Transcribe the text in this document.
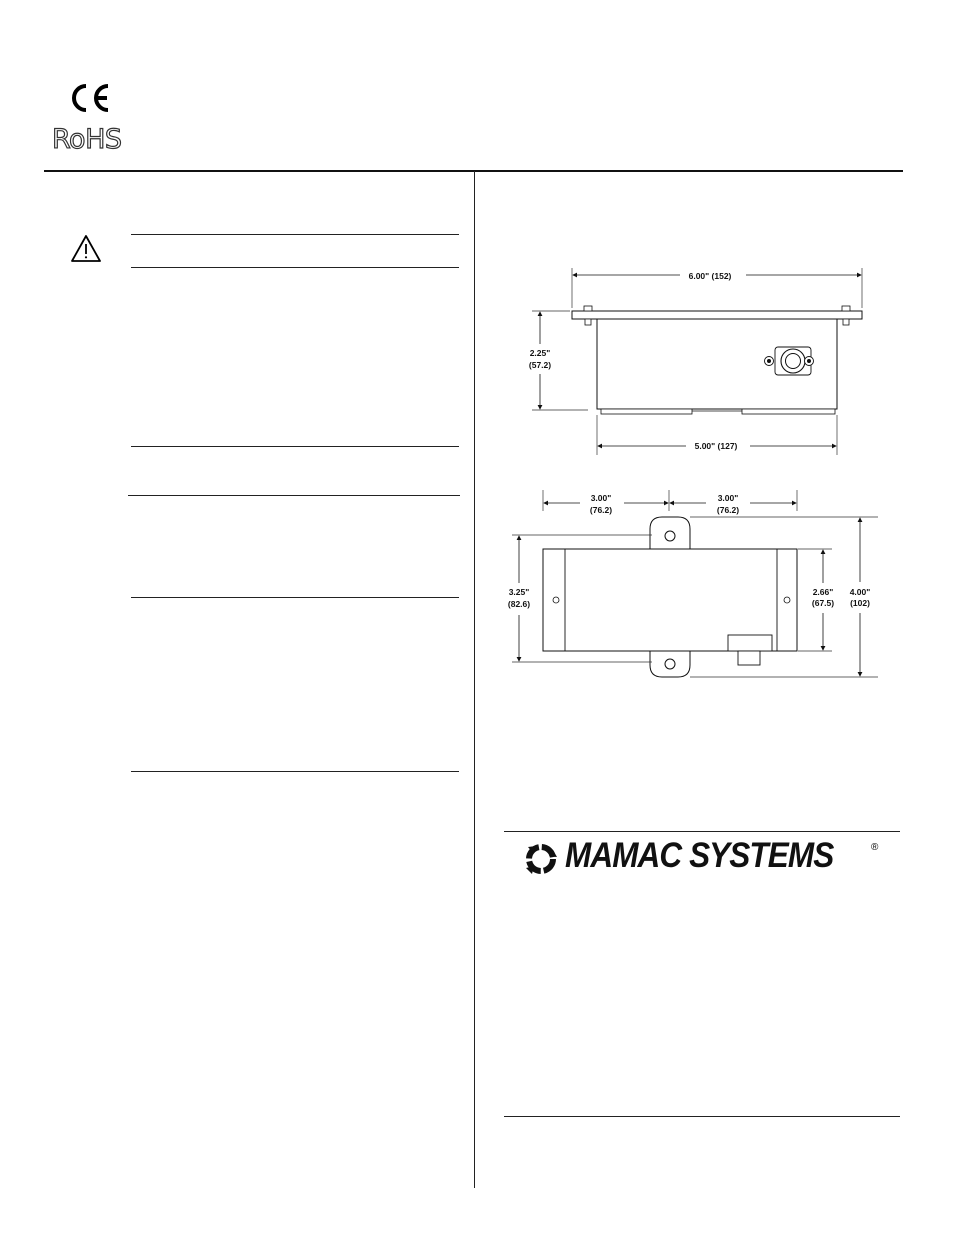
RoHS
6.00" (152)
2.25"
(57.2)
5.00" (127)
3.00"
(76.2)
3.00"
(76.2)
3.25"
(82.6)
2.66"
(67.5)
4.00"
(102)
MAMAC SYSTEMS	®
